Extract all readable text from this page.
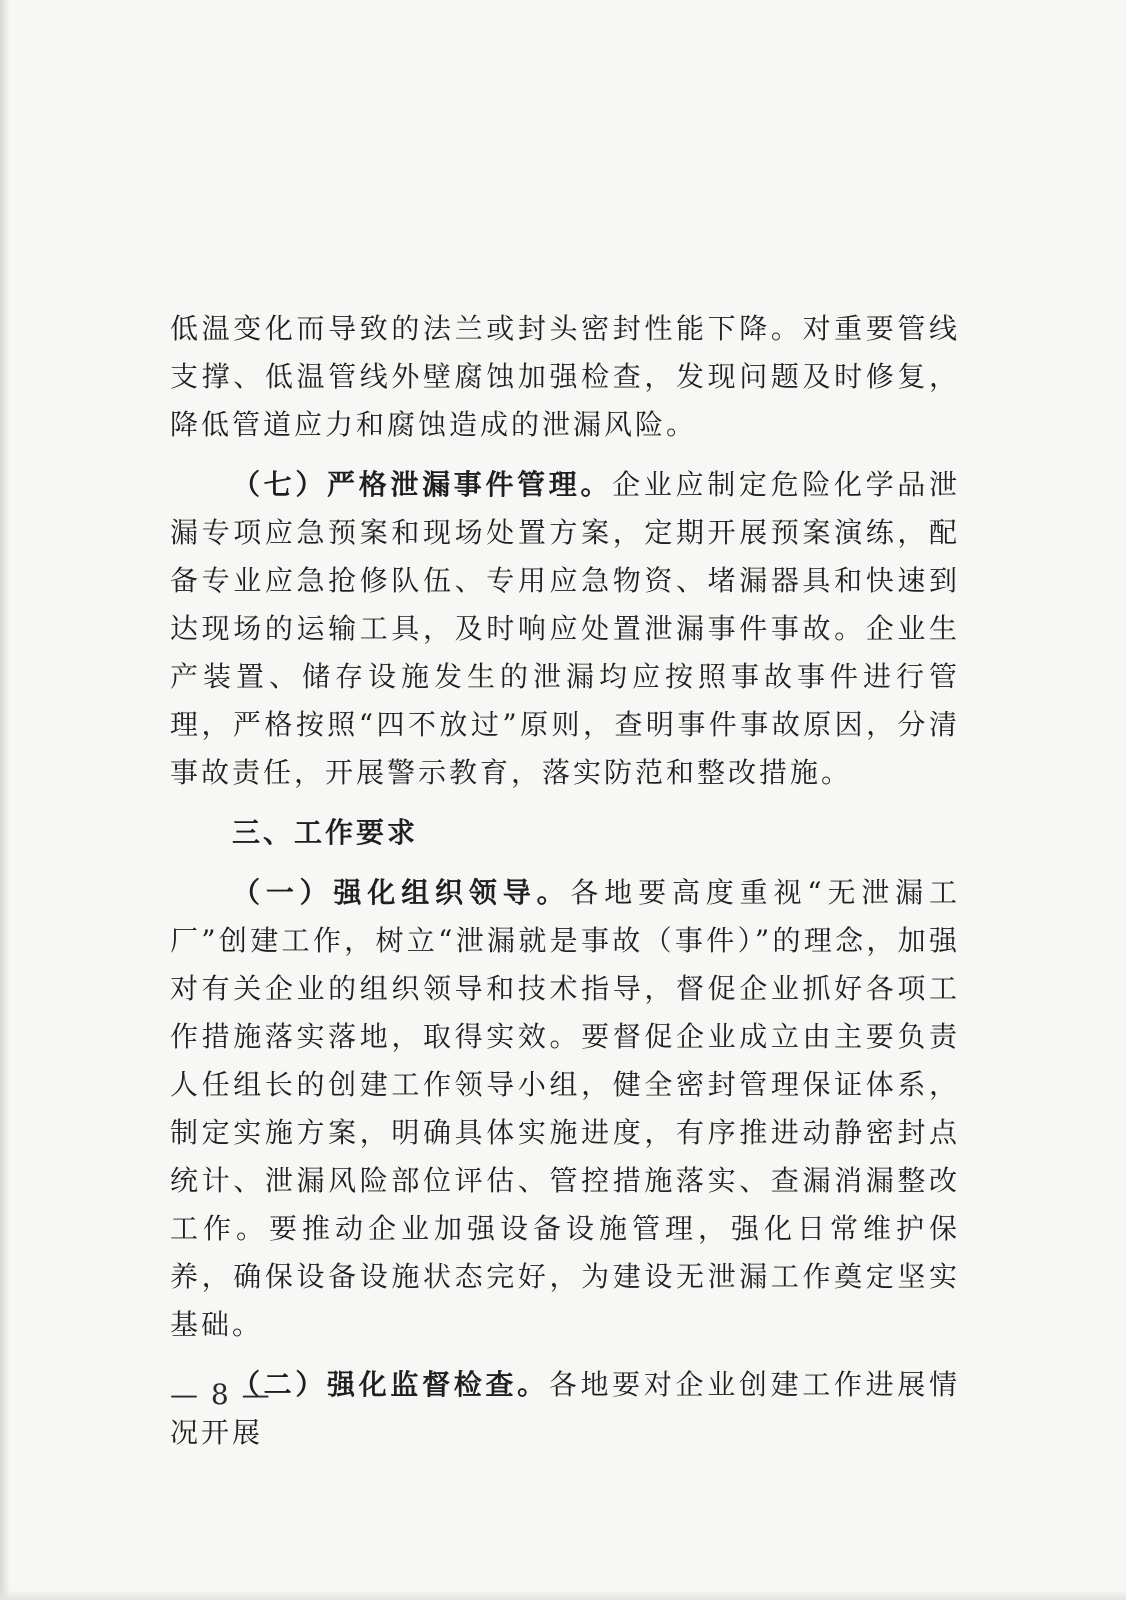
低温变化而导致的法兰或封头密封性能下降。对重要管线支撑、低温管线外壁腐蚀加强检查，发现问题及时修复，降低管道应力和腐蚀造成的泄漏风险。

（七）严格泄漏事件管理。企业应制定危险化学品泄漏专项应急预案和现场处置方案，定期开展预案演练，配备专业应急抢修队伍、专用应急物资、堵漏器具和快速到达现场的运输工具，及时响应处置泄漏事件事故。企业生产装置、储存设施发生的泄漏均应按照事故事件进行管理，严格按照“四不放过”原则，查明事件事故原因，分清事故责任，开展警示教育，落实防范和整改措施。

三、工作要求

（一）强化组织领导。各地要高度重视“无泄漏工厂”创建工作，树立“泄漏就是事故（事件）”的理念，加强对有关企业的组织领导和技术指导，督促企业抓好各项工作措施落实落地，取得实效。要督促企业成立由主要负责人任组长的创建工作领导小组，健全密封管理保证体系，制定实施方案，明确具体实施进度，有序推进动静密封点统计、泄漏风险部位评估、管控措施落实、查漏消漏整改工作。要推动企业加强设备设施管理，强化日常维护保养，确保设备设施状态完好，为建设无泄漏工作奠定坚实基础。

（二）强化监督检查。各地要对企业创建工作进展情况开展

— 8 —
